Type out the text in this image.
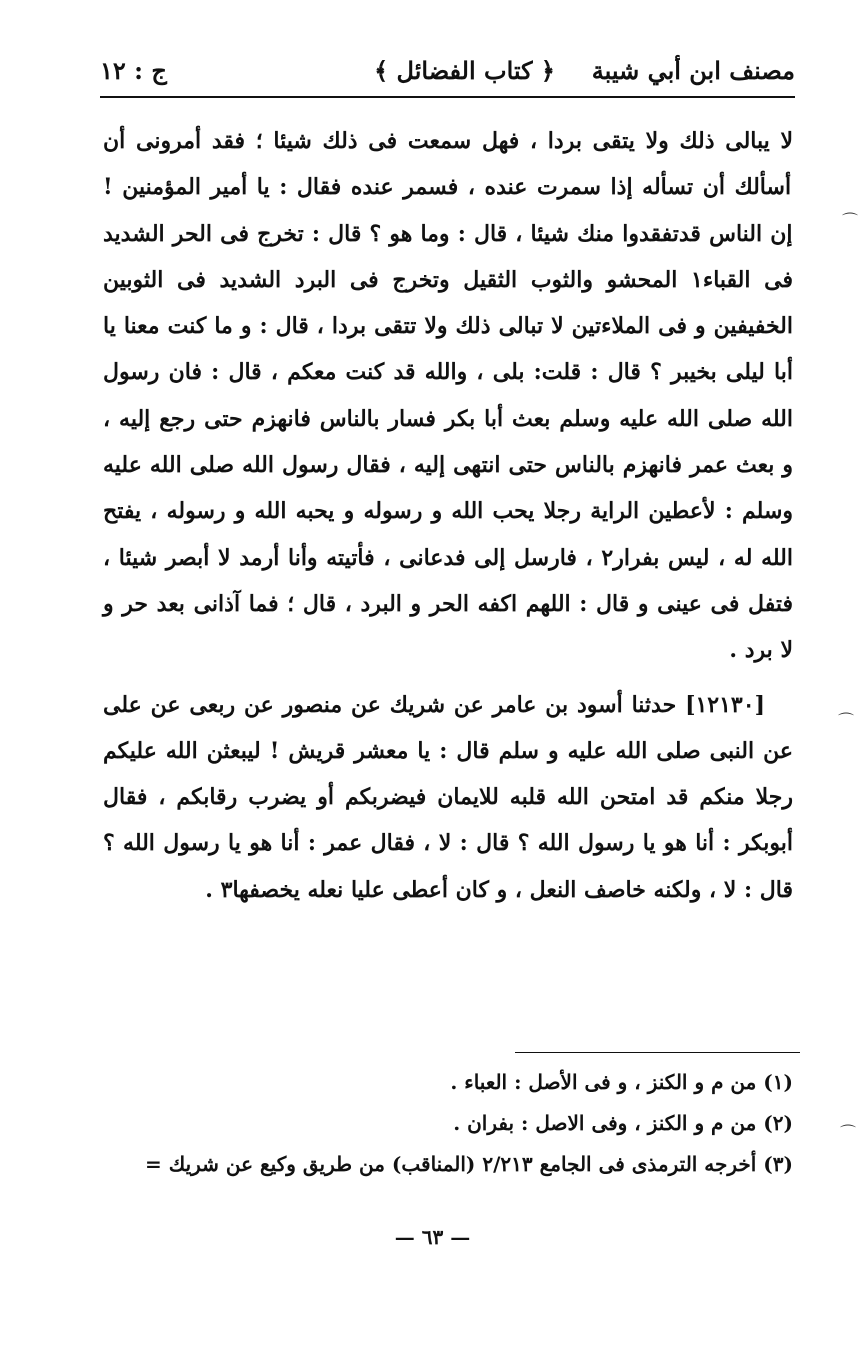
مصنف ابن أبي شيبة
﴿ كتاب الفضائل ﴾
ج : ١٢

لا يبالى ذلك ولا يتقى بردا ، فهل سمعت فى ذلك شيئا ؛ فقد أمرونى أن أسألك أن تسأله إذا سمرت عنده ، فسمر عنده فقال : يا أمير المؤمنين ! إن الناس قدتفقدوا منك شيئا ، قال : وما هو ؟ قال : تخرج فى الحر الشديد فى القباء١ المحشو والثوب الثقيل وتخرج فى البرد الشديد فى الثوبين الخفيفين و فى الملاءتين لا تبالى ذلك ولا تتقى بردا ، قال : و ما كنت معنا يا أبا ليلى بخيبر ؟ قال : قلت: بلى ، والله قد كنت معكم ، قال : فان رسول الله صلى الله عليه وسلم بعث أبا بكر فسار بالناس فانهزم حتى رجع إليه ، و بعث عمر فانهزم بالناس حتى انتهى إليه ، فقال رسول الله صلى الله عليه وسلم : لأعطين الراية رجلا يحب الله و رسوله و يحبه الله و رسوله ، يفتح الله له ، ليس بفرار٢ ، فارسل إلى فدعانى ، فأتيته وأنا أرمد لا أبصر شيئا ، فتفل فى عينى و قال : اللهم اكفه الحر و البرد ، قال ؛ فما آذانى بعد حر و لا برد .

[١٢١٣٠] حدثنا أسود بن عامر عن شريك عن منصور عن ربعى عن على عن النبى صلى الله عليه و سلم قال : يا معشر قريش ! ليبعثن الله عليكم رجلا منكم قد امتحن الله قلبه للايمان فيضربكم أو يضرب رقابكم ، فقال أبوبكر : أنا هو يا رسول الله ؟ قال : لا ، فقال عمر : أنا هو يا رسول الله ؟ قال : لا ، ولكنه خاصف النعل ، و كان أعطى عليا نعله يخصفها٣ .

(١) من م و الكنز ، و فى الأصل : العباء .
(٢) من م و الكنز ، وفى الاصل : بفران .
(٣) أخرجه الترمذى فى الجامع ٢/٢١٣ (المناقب) من طريق وكيع عن شريك =
— ٦٣ —
⌒
⌒
⌒
